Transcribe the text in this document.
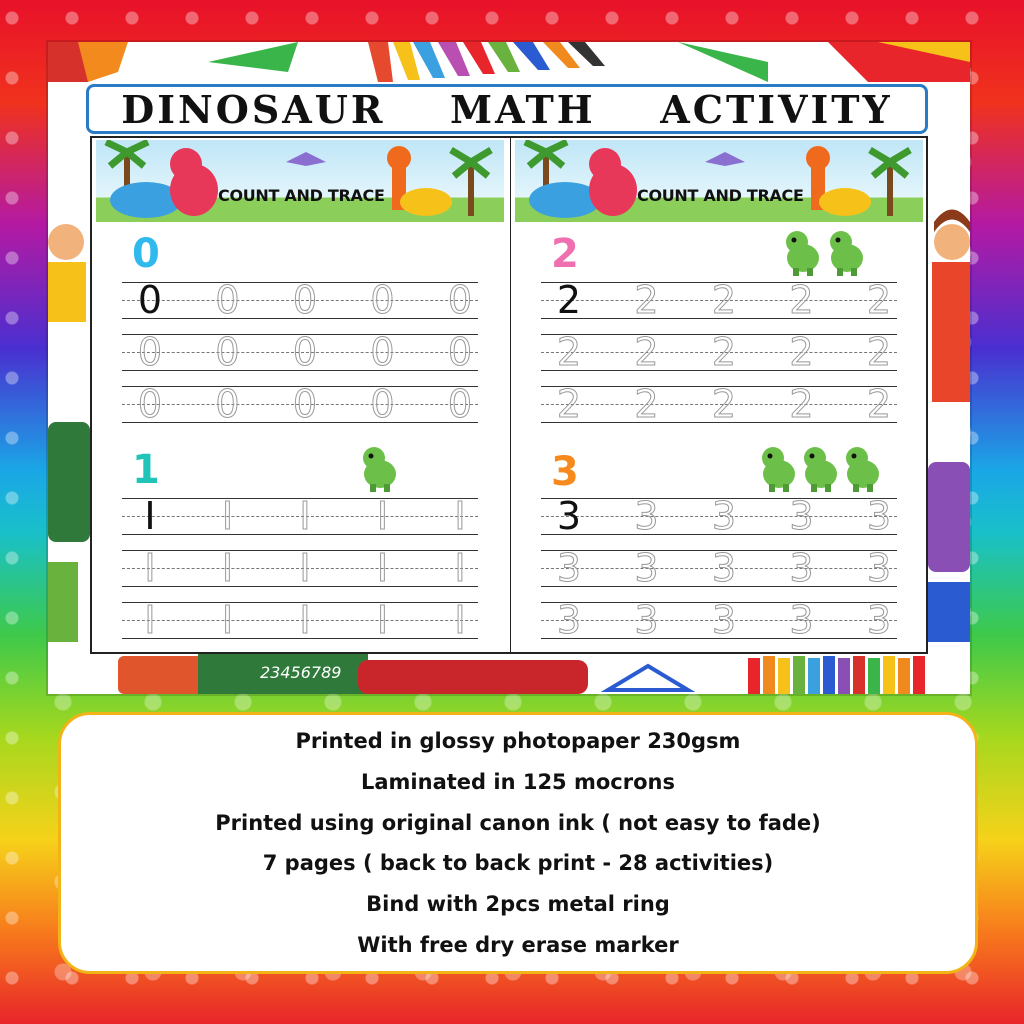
23456789
DINOSAUR MATH ACTIVITY
COUNT AND TRACE
0
0 0 0 0 0
0 0 0 0 0
0 0 0 0 0
1
I	I	I	I	I
I	I	I	I	I
I	I	I	I	I
COUNT AND TRACE
2
2 2 2 2 2
2 2 2 2 2
2 2 2 2 2
3
3 3 3 3 3
3 3 3 3 3
3 3 3 3 3
Printed in glossy photopaper 230gsm
Laminated in 125 mocrons
Printed using original canon ink ( not easy to fade)
7 pages ( back to back print - 28 activities)
Bind with 2pcs metal ring
With free dry erase marker
